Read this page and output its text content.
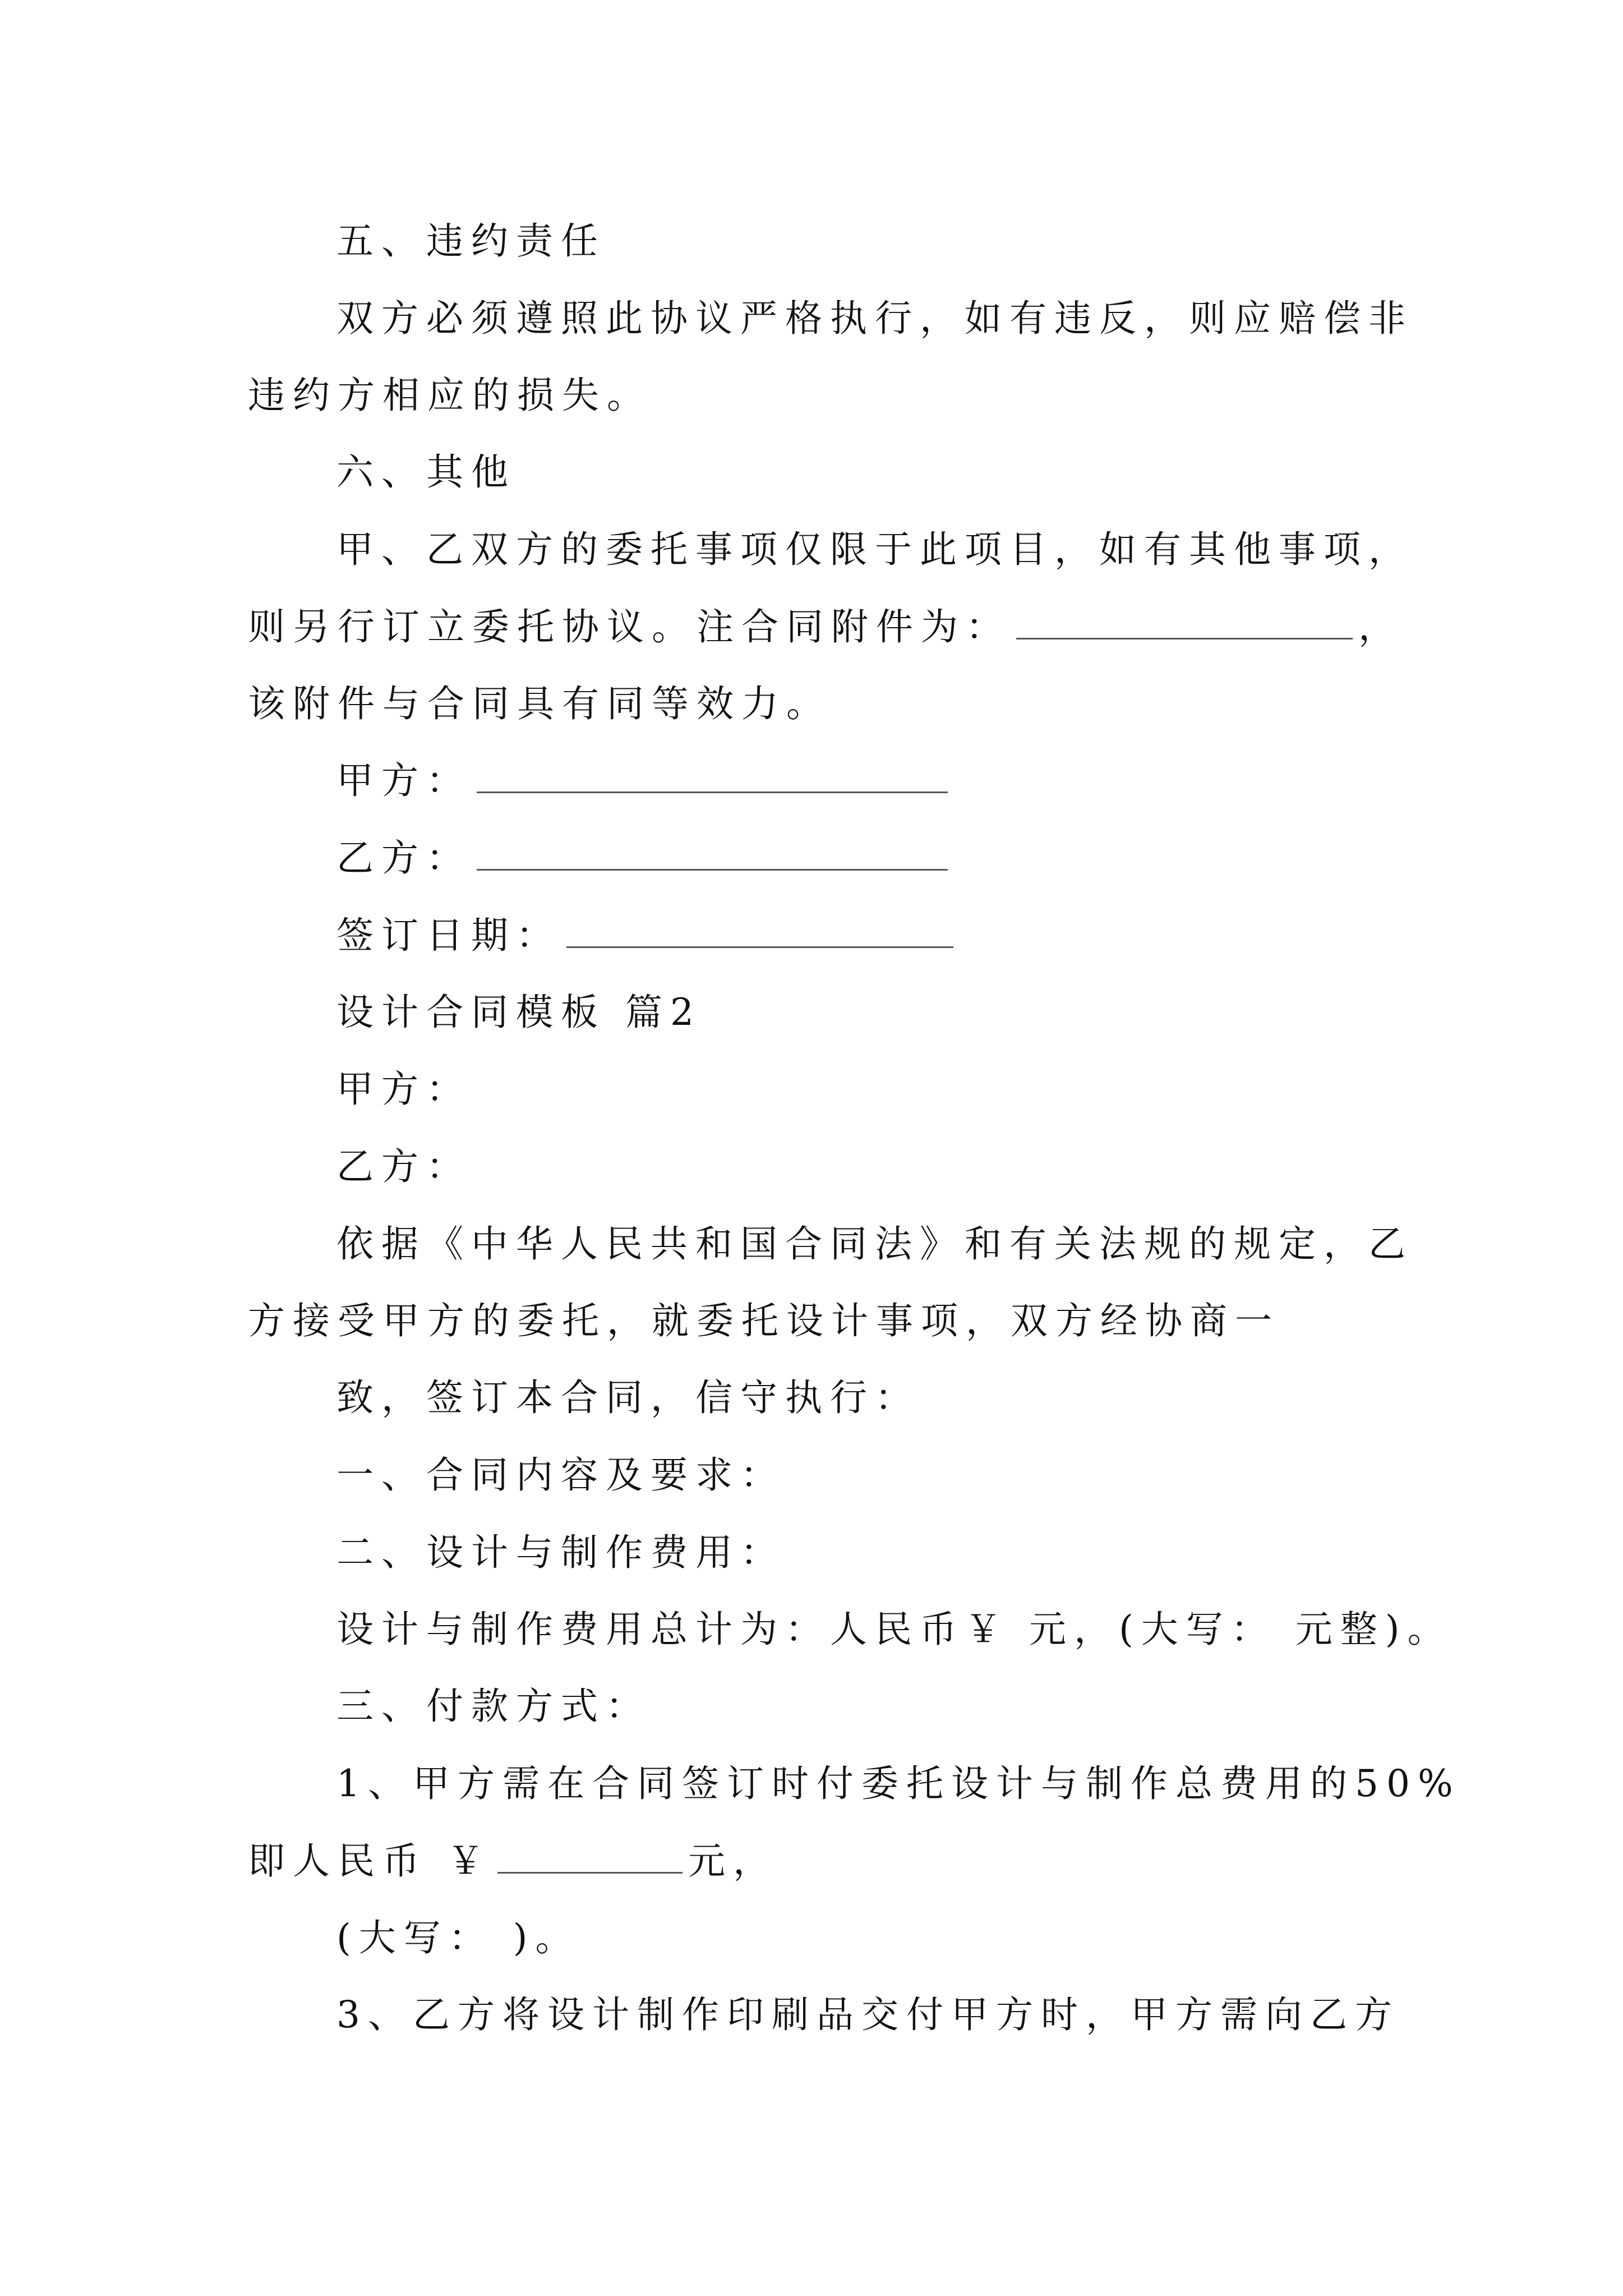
五、违约责任
双方必须遵照此协议严格执行，如有违反，则应赔偿非
违约方相应的损失。
六、其他
甲、乙双方的委托事项仅限于此项目，如有其他事项，
则另行订立委托协议。注合同附件为：	，
该附件与合同具有同等效力。
甲方：
乙方：
签订日期：
设计合同模板 篇2
甲方：
乙方：
依据《中华人民共和国合同法》和有关法规的规定，乙
方接受甲方的委托，就委托设计事项，双方经协商一
致，签订本合同，信守执行：
一、合同内容及要求：
二、设计与制作费用：
设计与制作费用总计为：人民币￥ 元，(大写： 元整)。
三、付款方式：
1、甲方需在合同签订时付委托设计与制作总费用的50%
即人民币 ￥	元，
(大写： )。
3、乙方将设计制作印刷品交付甲方时，甲方需向乙方
